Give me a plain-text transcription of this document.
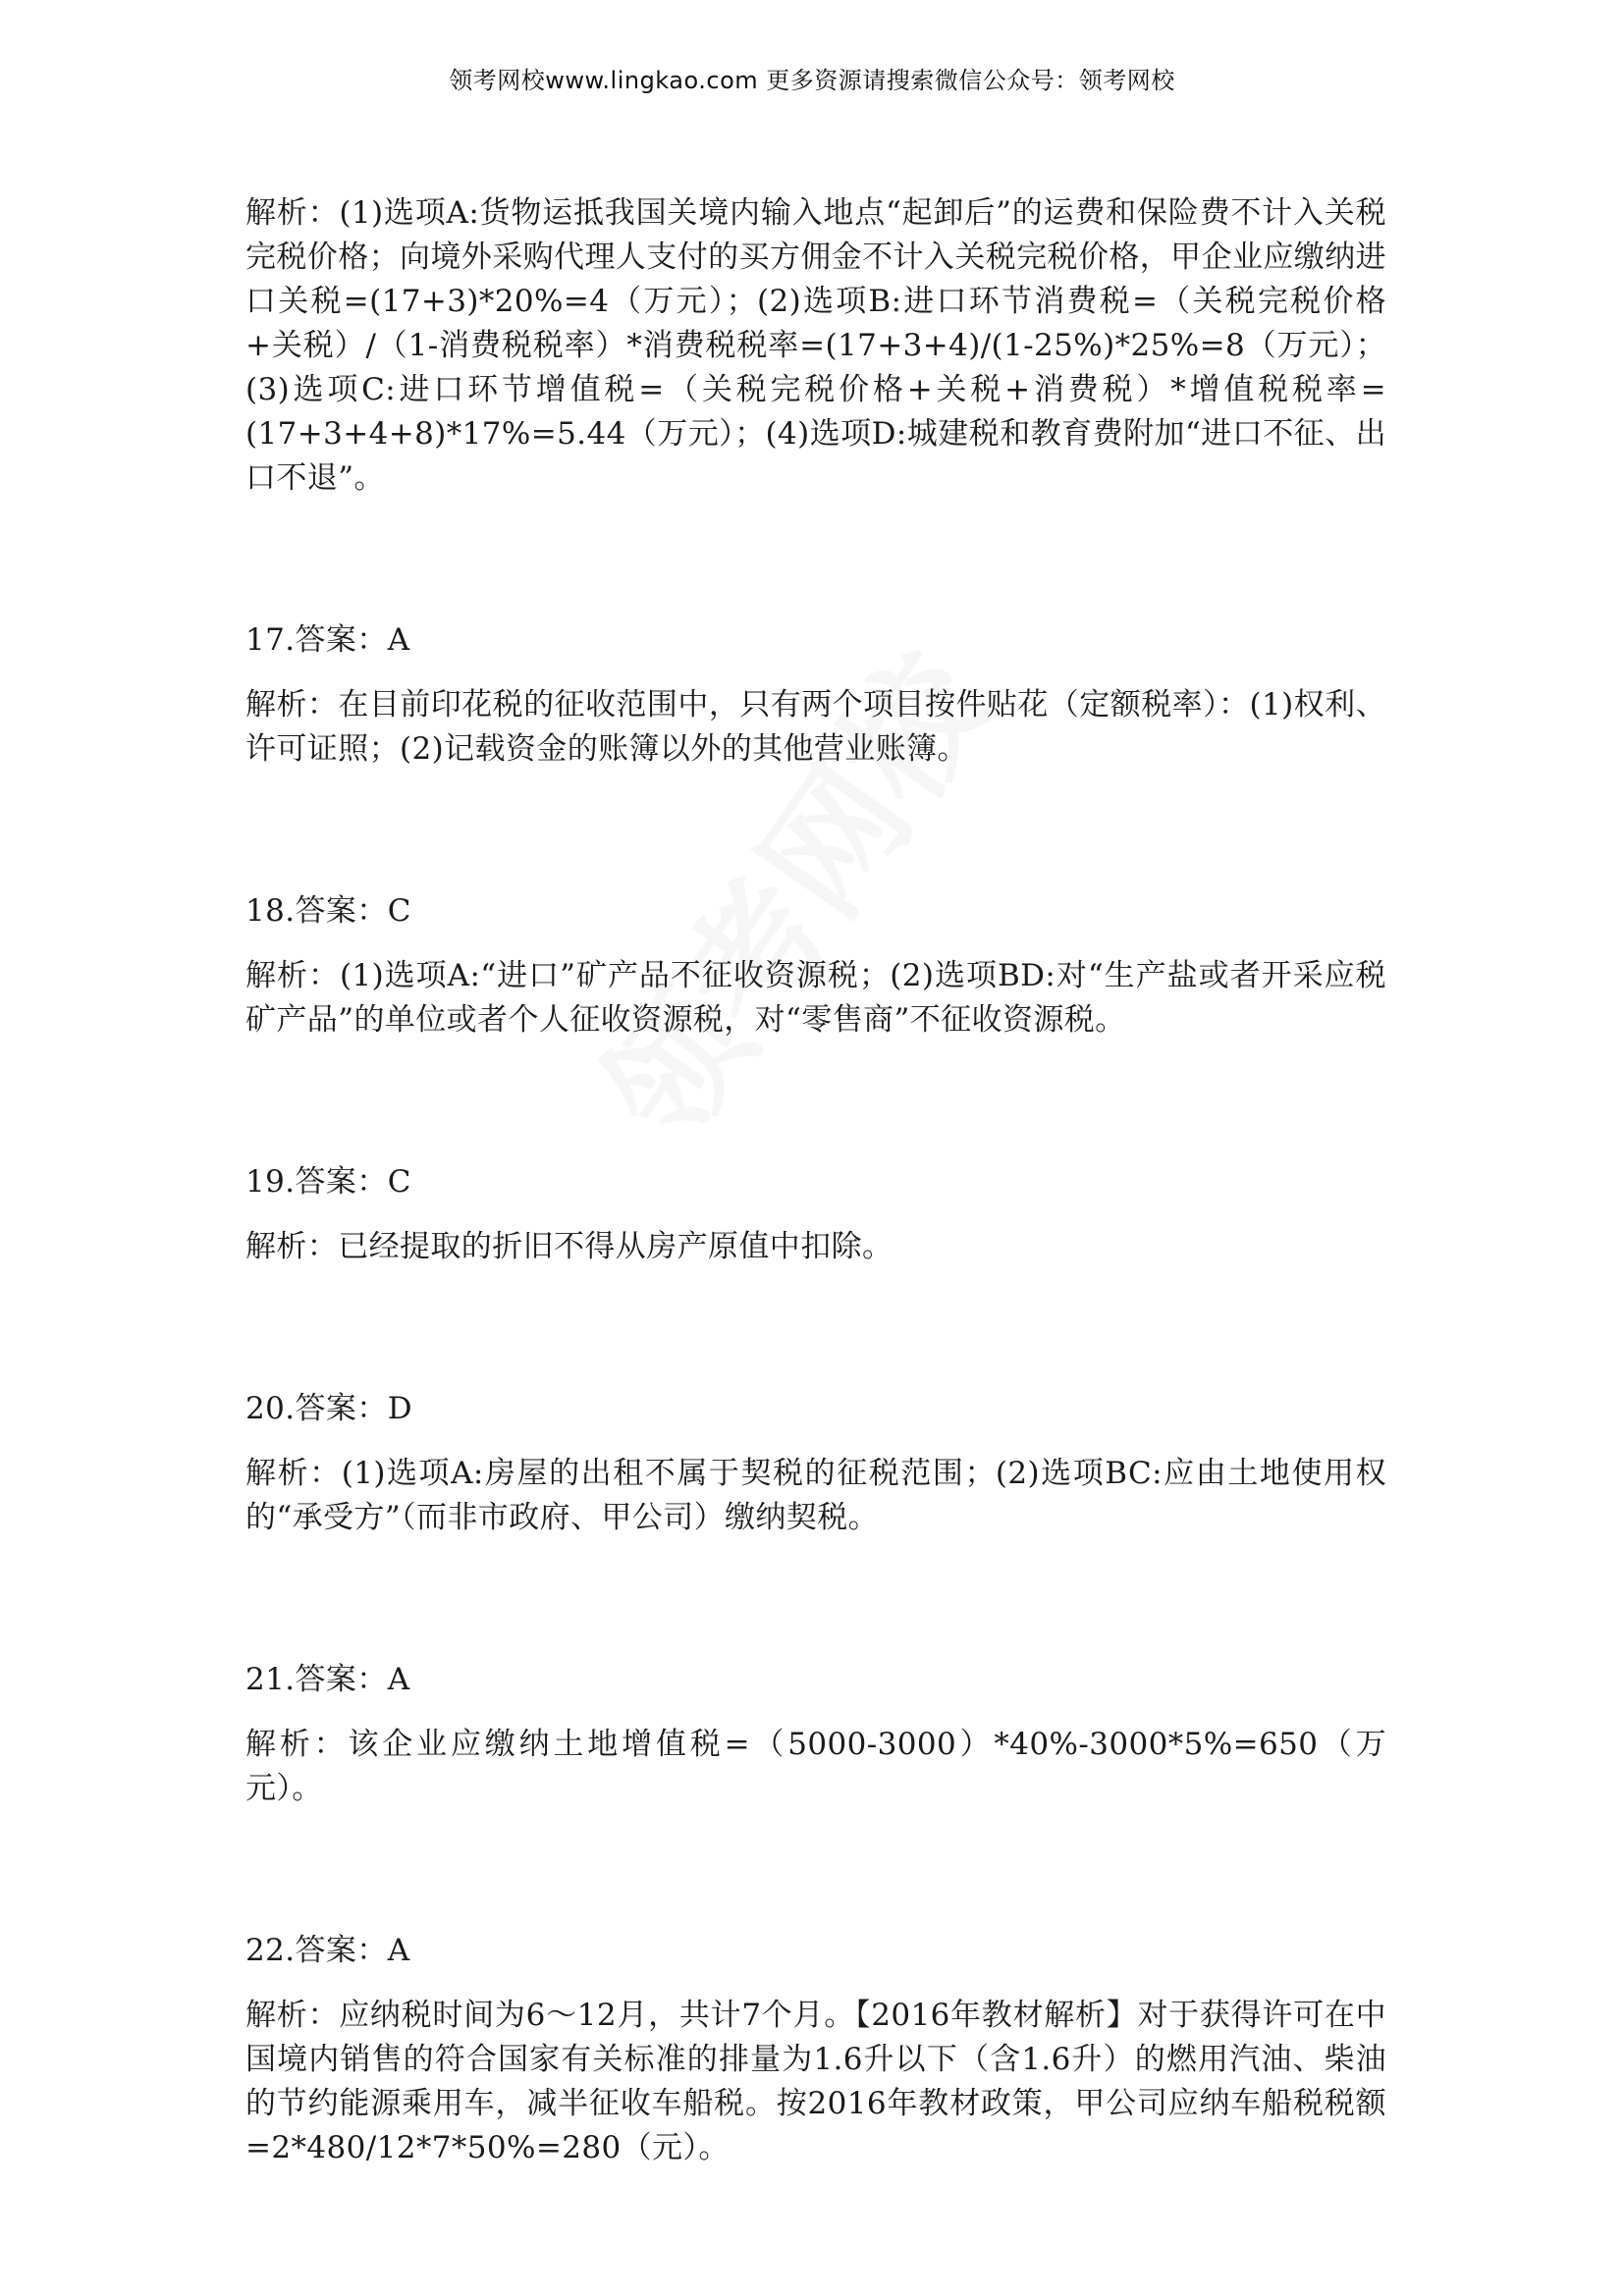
领考网校www.lingkao.com 更多资源请搜索微信公众号：领考网校

解析：(1)选项A:货物运抵我国关境内输入地点“起卸后”的运费和保险费不计入关税完税价格；向境外采购代理人支付的买方佣金不计入关税完税价格，甲企业应缴纳进口关税=(17+3)*20%=4（万元）；(2)选项B:进口环节消费税=（关税完税价格+关税）/（1-消费税税率）*消费税税率=(17+3+4)/(1-25%)*25%=8（万元）；(3)选项C:进口环节增值税=（关税完税价格+关税+消费税）*增值税税率=(17+3+4+8)*17%=5.44（万元）；(4)选项D:城建税和教育费附加“进口不征、出口不退”。

17.答案：A

解析：在目前印花税的征收范围中，只有两个项目按件贴花（定额税率）：(1)权利、许可证照；(2)记载资金的账簿以外的其他营业账簿。

18.答案：C

解析：(1)选项A:“进口”矿产品不征收资源税；(2)选项BD:对“生产盐或者开采应税矿产品”的单位或者个人征收资源税，对“零售商”不征收资源税。

19.答案：C

解析：已经提取的折旧不得从房产原值中扣除。

20.答案：D

解析：(1)选项A:房屋的出租不属于契税的征税范围；(2)选项BC:应由土地使用权的“承受方”（而非市政府、甲公司）缴纳契税。

21.答案：A

解析：该企业应缴纳土地增值税=（5000-3000）*40%-3000*5%=650（万元）。

22.答案：A

解析：应纳税时间为6～12月，共计7个月。【2016年教材解析】对于获得许可在中国境内销售的符合国家有关标准的排量为1.6升以下（含1.6升）的燃用汽油、柴油的节约能源乘用车，减半征收车船税。按2016年教材政策，甲公司应纳车船税税额=2*480/12*7*50%=280（元）。
